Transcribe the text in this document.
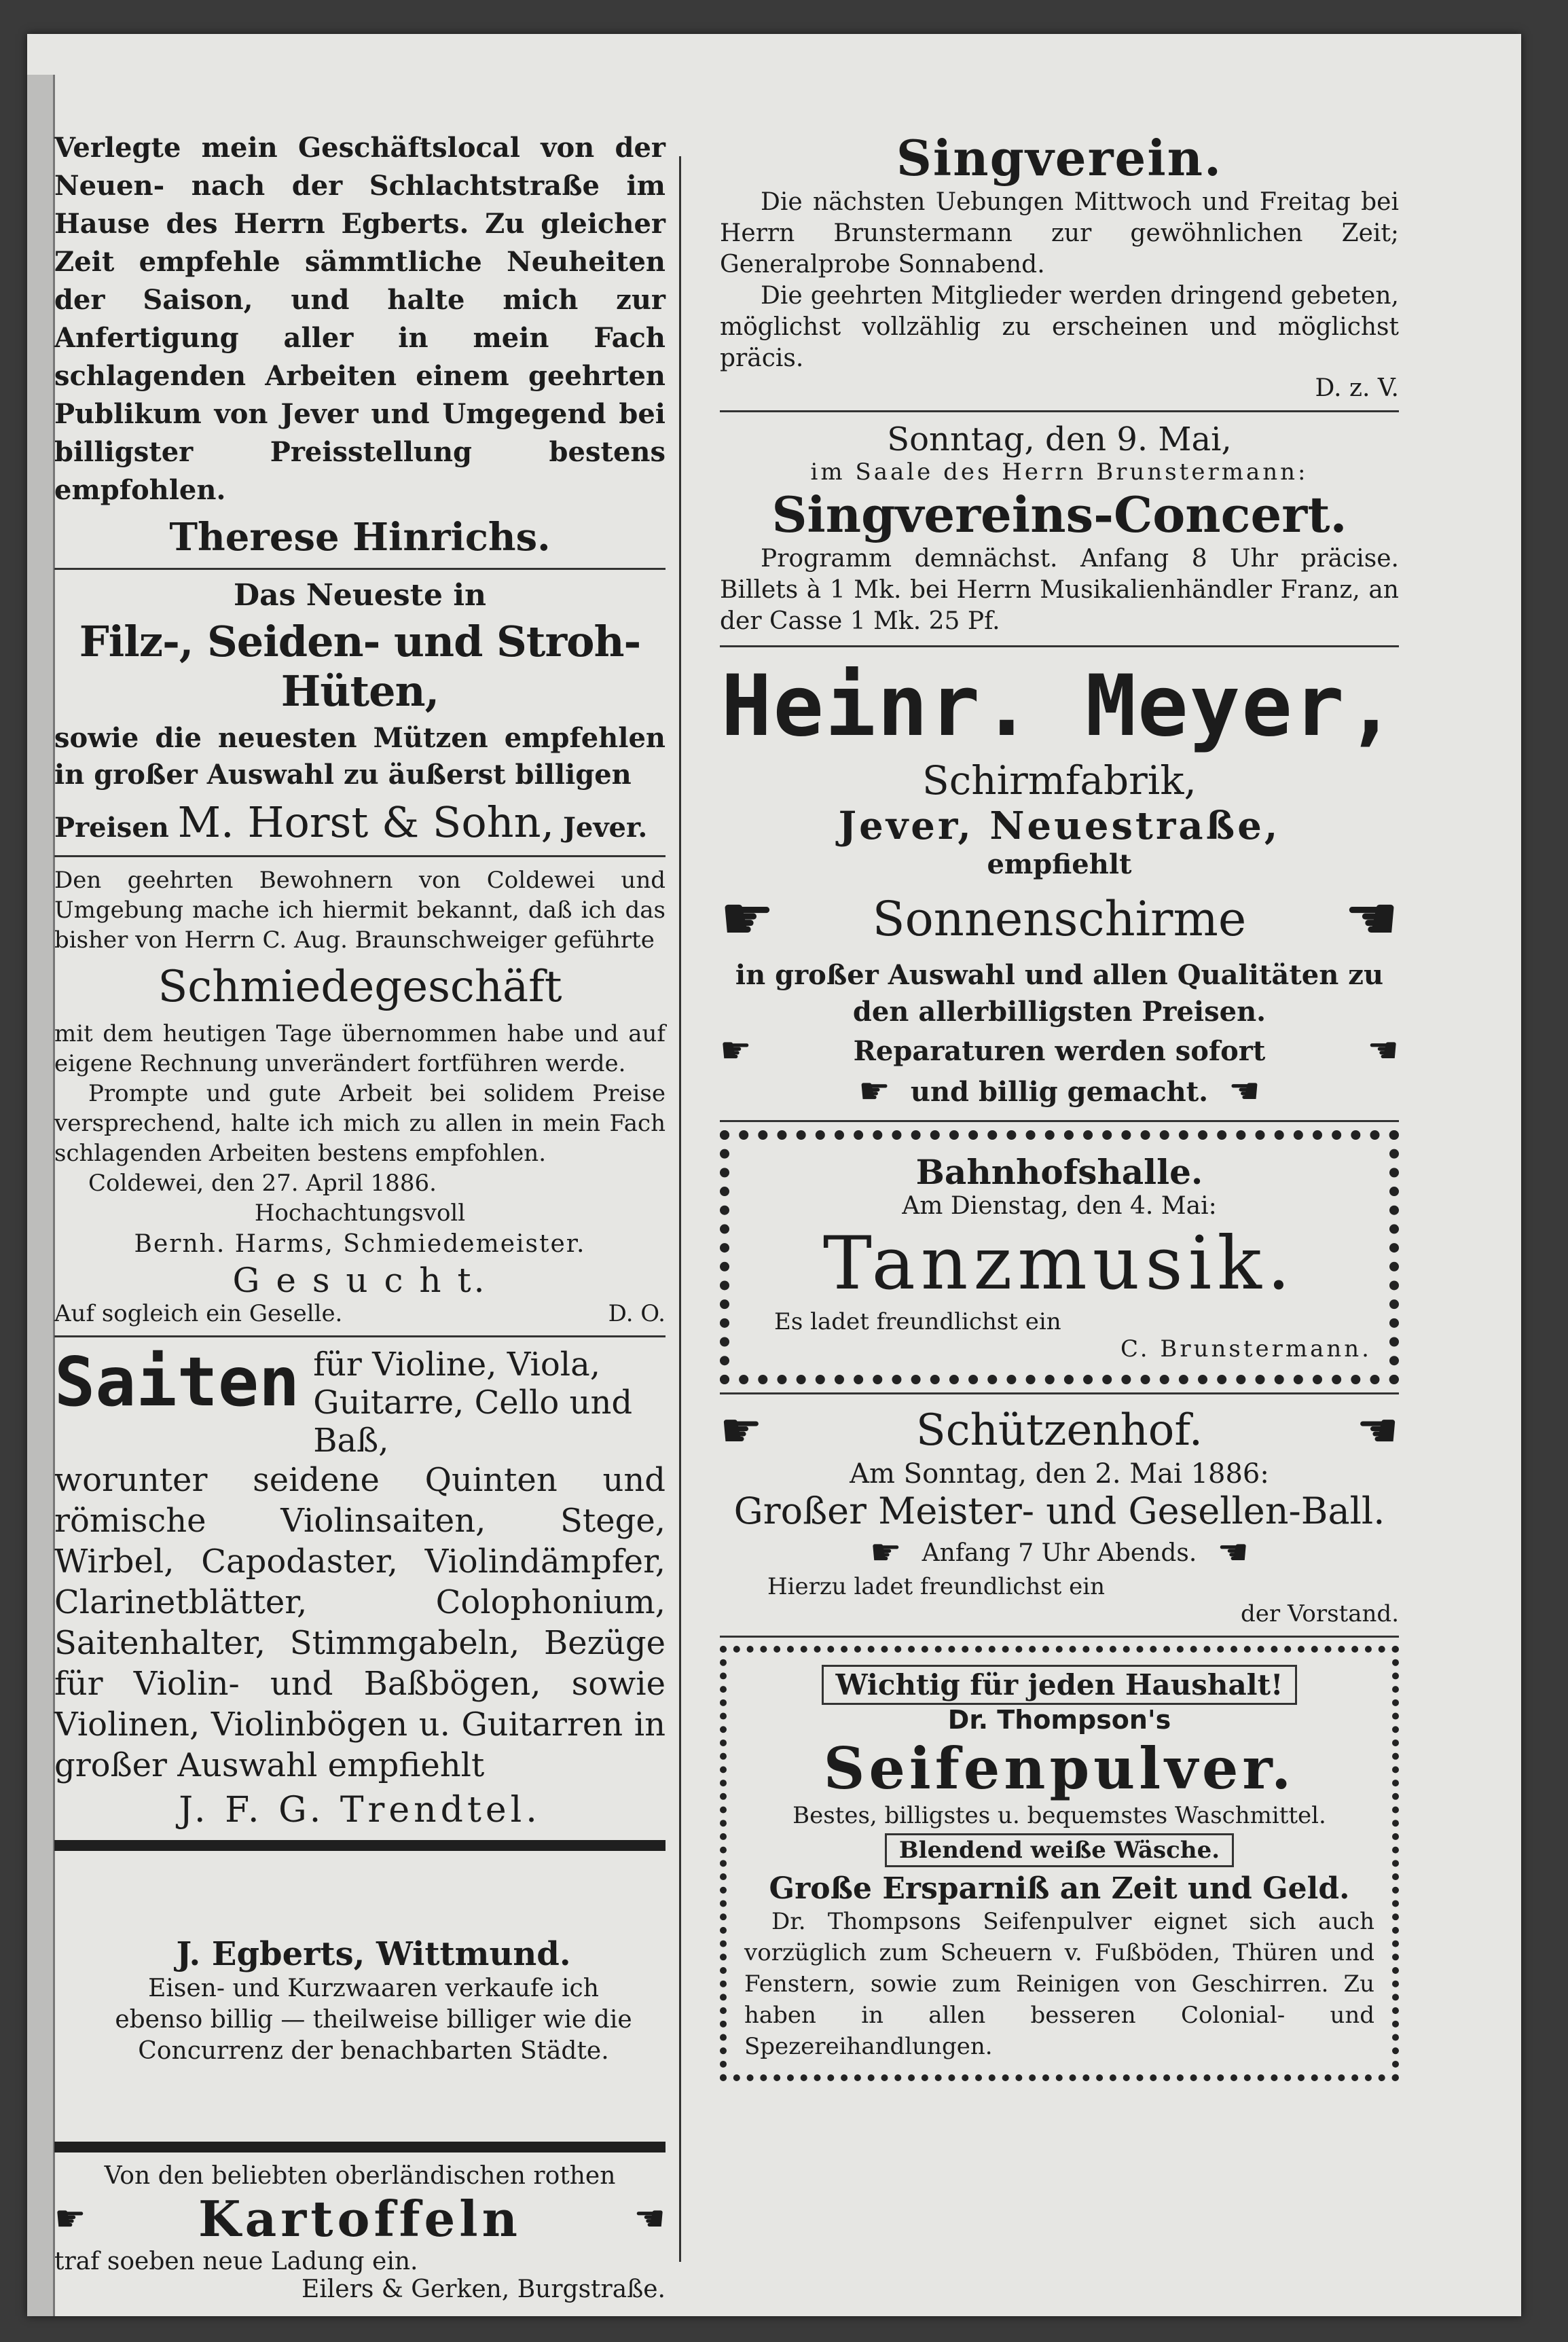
Verlegte mein Geschäftslocal von der Neuen- nach der Schlachtstraße im Hause des Herrn Egberts. Zu gleicher Zeit empfehle sämmtliche Neuheiten der Saison, und halte mich zur Anfertigung aller in mein Fach schlagenden Arbeiten einem geehrten Publikum von Jever und Umgegend bei billigster Preisstellung bestens empfohlen.

Therese Hinrichs.

Das Neueste in

Filz-, Seiden- und Stroh-Hüten,

sowie die neuesten Mützen empfehlen in großer Auswahl zu äußerst billigen

Preisen M. Horst & Sohn, Jever.

Den geehrten Bewohnern von Coldewei und Umgebung mache ich hiermit bekannt, daß ich das bisher von Herrn C. Aug. Braunschweiger geführte

Schmiedegeschäft

mit dem heutigen Tage übernommen habe und auf eigene Rechnung unverändert fortführen werde.

Prompte und gute Arbeit bei solidem Preise versprechend, halte ich mich zu allen in mein Fach schlagenden Arbeiten bestens empfohlen.

Coldewei, den 27. April 1886.

Hochachtungsvoll

Bernh. Harms, Schmiedemeister.

G e s u c h t.

Auf sogleich ein Geselle.	D. O.
Saiten für Violine, Viola, Guitarre, Cello und Baß,

worunter seidene Quinten und römische Violinsaiten, Stege, Wirbel, Capodaster, Violindämpfer, Clarinetblätter, Colophonium, Saitenhalter, Stimmgabeln, Bezüge für Violin- und Baßbögen, sowie Violinen, Violinbögen u. Guitarren in großer Auswahl empfiehlt

J. F. G. Trendtel.

J. Egberts, Wittmund.

Eisen- und Kurzwaaren verkaufe ich ebenso billig — theilweise billiger wie die Concurrenz der benachbarten Städte.

Von den beliebten oberländischen rothen

☛ Kartoffeln	☚

traf soeben neue Ladung ein.

Eilers & Gerken, Burgstraße.

Singverein.

Die nächsten Uebungen Mittwoch und Freitag bei Herrn Brunstermann zur gewöhnlichen Zeit; Generalprobe Sonnabend.

Die geehrten Mitglieder werden dringend gebeten, möglichst vollzählig zu erscheinen und möglichst präcis.

D. z. V.

Sonntag, den 9. Mai,

im Saale des Herrn Brunstermann:

Singvereins-Concert.

Programm demnächst. Anfang 8 Uhr präcise. Billets à 1 Mk. bei Herrn Musikalienhändler Franz, an der Casse 1 Mk. 25 Pf.

Heinr. Meyer,

Schirmfabrik,

Jever, Neuestraße,

empfiehlt

☛ Sonnenschirme ☚

in großer Auswahl und allen Qualitäten zu den allerbilligsten Preisen.

☛	Reparaturen werden sofort	☚
☛ und billig gemacht. ☚

Bahnhofshalle.

Am Dienstag, den 4. Mai:

Tanzmusik.

Es ladet freundlichst ein

C. Brunstermann.

☛	Schützenhof.	☚

Am Sonntag, den 2. Mai 1886:

Großer Meister- und Gesellen-Ball.

☛ Anfang 7 Uhr Abends. ☚

Hierzu ladet freundlichst ein

der Vorstand.

Wichtig für jeden Haushalt!

Dr. Thompson's

Seifenpulver.

Bestes, billigstes u. bequemstes Waschmittel.

Blendend weiße Wäsche.

Große Ersparniß an Zeit und Geld.

Dr. Thompsons Seifenpulver eignet sich auch vorzüglich zum Scheuern v. Fußböden, Thüren und Fenstern, sowie zum Reinigen von Geschirren. Zu haben in allen besseren Colonial- und Spezereihandlungen.
